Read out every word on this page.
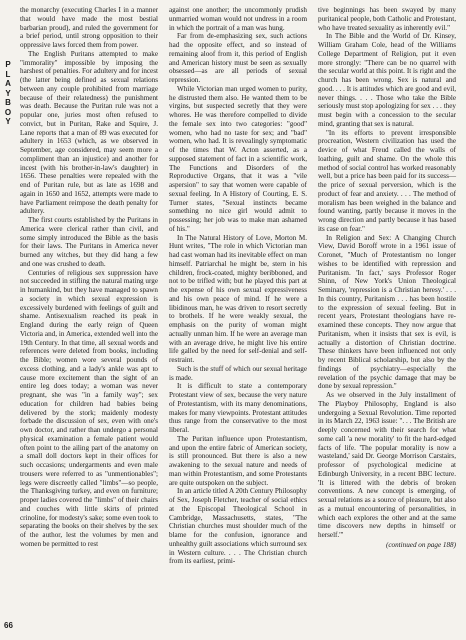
P
L
A
Y
B
O
Y
66

the monarchy (executing Charles I in a manner that would have made the most bestial barbarian proud), and ruled the government for a brief period, until strong opposition to their oppressive laws forced them from power.

The English Puritans attempted to make "immorality" impossible by imposing the harshest of penalties. For adultery and for incest (the latter being defined as sexual relations between any couple prohibited from marriage because of their relatedness) the punishment was death. Because the Puritan rule was not a popular one, juries most often refused to convict, but in Puritan, Rake and Squire, J. Lane reports that a man of 89 was executed for adultery in 1653 (which, as we observed in September, age considered, may seem more a compliment than an injustice) and another for incest (with his brother-in-law's daughter) in 1656. These penalties were repealed with the end of Puritan rule, but as late as 1698 and again in 1650 and 1652, attempts were made to have Parliament reimpose the death penalty for adultery.

The first courts established by the Puritans in America were clerical rather than civil, and some simply introduced the Bible as the basis for their laws. The Puritans in America never burned any witches, but they did hang a few and one was crushed to death.

Centuries of religious sex suppression have not succeeded in stifling the natural mating urge in humankind, but they have managed to spawn a society in which sexual expression is excessively burdened with feelings of guilt and shame. Antisexualism reached its peak in England during the early reign of Queen Victoria and, in America, extended well into the 19th Century. In that time, all sexual words and references were deleted from books, including the Bible; women wore several pounds of excess clothing, and a lady's ankle was apt to cause more excitement than the sight of an entire leg does today; a woman was never pregnant, she was "in a family way"; sex education for children had babies being delivered by the stork; maidenly modesty forbade the discussion of sex, even with one's own doctor, and rather than undergo a personal physical examination a female patient would often point to the ailing part of the anatomy on a small doll doctors kept in their offices for such occasions; undergarments and even male trousers were referred to as "unmentionables"; legs were discreetly called "limbs"—so people, the Thanksgiving turkey, and even on furniture; proper ladies covered the "limbs" of their chairs and couches with little skirts of printed crinoline, for modesty's sake; some even took to separating the books on their shelves by the sex of the author, lest the volumes by men and women be permitted to rest

against one another; the uncommonly prudish unmarried woman would not undress in a room in which the portrait of a man was hung.

Far from de-emphasizing sex, such actions had the opposite effect, and so instead of remaining aloof from it, this period of English and American history must be seen as sexually obsessed—as are all periods of sexual repression.

While Victorian man urged women to purity, he distrusted them also. He wanted them to be virgins, but suspected secretly that they were whores. He was therefore compelled to divide the female sex into two categories: "good" women, who had no taste for sex; and "bad" women, who had. It is revealingly symptomatic of the times that W. Acton asserted, as a supposed statement of fact in a scientific work, The Functions and Disorders of the Reproductive Organs, that it was a "vile aspersion" to say that women were capable of sexual feeling. In A History of Courting, E. S. Turner states, "Sexual instincts became something no nice girl would admit to possessing; her job was to make man ashamed of his."

In The Natural History of Love, Morton M. Hunt writes, "The role in which Victorian man had cast woman had its inevitable effect on man himself. Patriarchal he might be, stern in his children, frock-coated, mighty beribboned, and not to be trifled with; but he played this part at the expense of his own sexual expressiveness and his own peace of mind. If he were a libidinous man, he was driven to resort secretly to brothels. If he were weakly sexual, the emphasis on the purity of woman might actually unman him. If he were an average man with an average drive, he might live his entire life galled by the need for self-denial and self-restraint.

Such is the stuff of which our sexual heritage is made.

It is difficult to state a contemporary Protestant view of sex, because the very nature of Protestantism, with its many denominations, makes for many viewpoints. Protestant attitudes thus range from the conservative to the most liberal.

The Puritan influence upon Protestantism, and upon the entire fabric of American society, is still pronounced. But there is also a new awakening to the sexual nature and needs of man within Protestantism, and some Protestants are quite outspoken on the subject.

In an article titled A 20th Century Philosophy of Sex, Joseph Fletcher, teacher of social ethics at the Episcopal Theological School in Cambridge, Massachusetts, states, "The Christian churches must shoulder much of the blame for the confusion, ignorance and unhealthy guilt associations which surround sex in Western culture. . . . The Christian church from its earliest, primi-

tive beginnings has been swayed by many puritanical people, both Catholic and Protestant, who have treated sexuality as inherently evil."

In The Bible and the World of Dr. Kinsey, William Graham Cole, head of the Williams College Department of Religion, put it even more strongly: "There can be no quarrel with the secular world at this point. It is right and the church has been wrong. Sex is natural and good. . . . It is attitudes which are good and evil, never things. . . . Those who take the Bible seriously must stop apologizing for sex . . . they must begin with a concession to the secular mind, granting that sex is natural.

"In its efforts to prevent irresponsible procreation, Western civilization has used the device of what Freud called the walls of loathing, guilt and shame. On the whole this method of social control has worked reasonably well, but a price has been paid for its success—the price of sexual perversion, which is the product of fear and anxiety. . . . The method of moralism has been weighed in the balance and found wanting, partly because it moves in the wrong direction and partly because it has based its case on fear."

In Religion and Sex: A Changing Church View, David Boroff wrote in a 1961 issue of Coronet, "Much of Protestantism no longer wishes to be identified with repression and Puritanism. 'In fact,' says Professor Roger Shinn, of New York's Union Theological Seminary, 'repression is a Christian heresy.' . . . In this country, Puritanism . . . has been hostile to the expression of sexual feeling. But in recent years, Protestant theologians have re-examined these concepts. They now argue that Puritanism, when it insists that sex is evil, is actually a distortion of Christian doctrine. These thinkers have been influenced not only by recent Biblical scholarship, but also by the findings of psychiatry—especially the revelation of the psychic damage that may be done by sexual repression."

As we observed in the July installment of The Playboy Philosophy, England is also undergoing a Sexual Revolution. Time reported in its March 22, 1963 issue: ". . . The British are deeply concerned with their search for what some call 'a new morality' to fit the hard-edged facts of life. 'The popular morality is now a wasteland,' said Dr. George Morrison Carstairs, professor of psychological medicine at Edinburgh University, in a recent BBC lecture. 'It is littered with the debris of broken conventions. A new concept is emerging, of sexual relations as a source of pleasure, but also as a mutual encountering of personalities, in which each explores the other and at the same time discovers new depths in himself or herself.'"

(continued on page 188)
